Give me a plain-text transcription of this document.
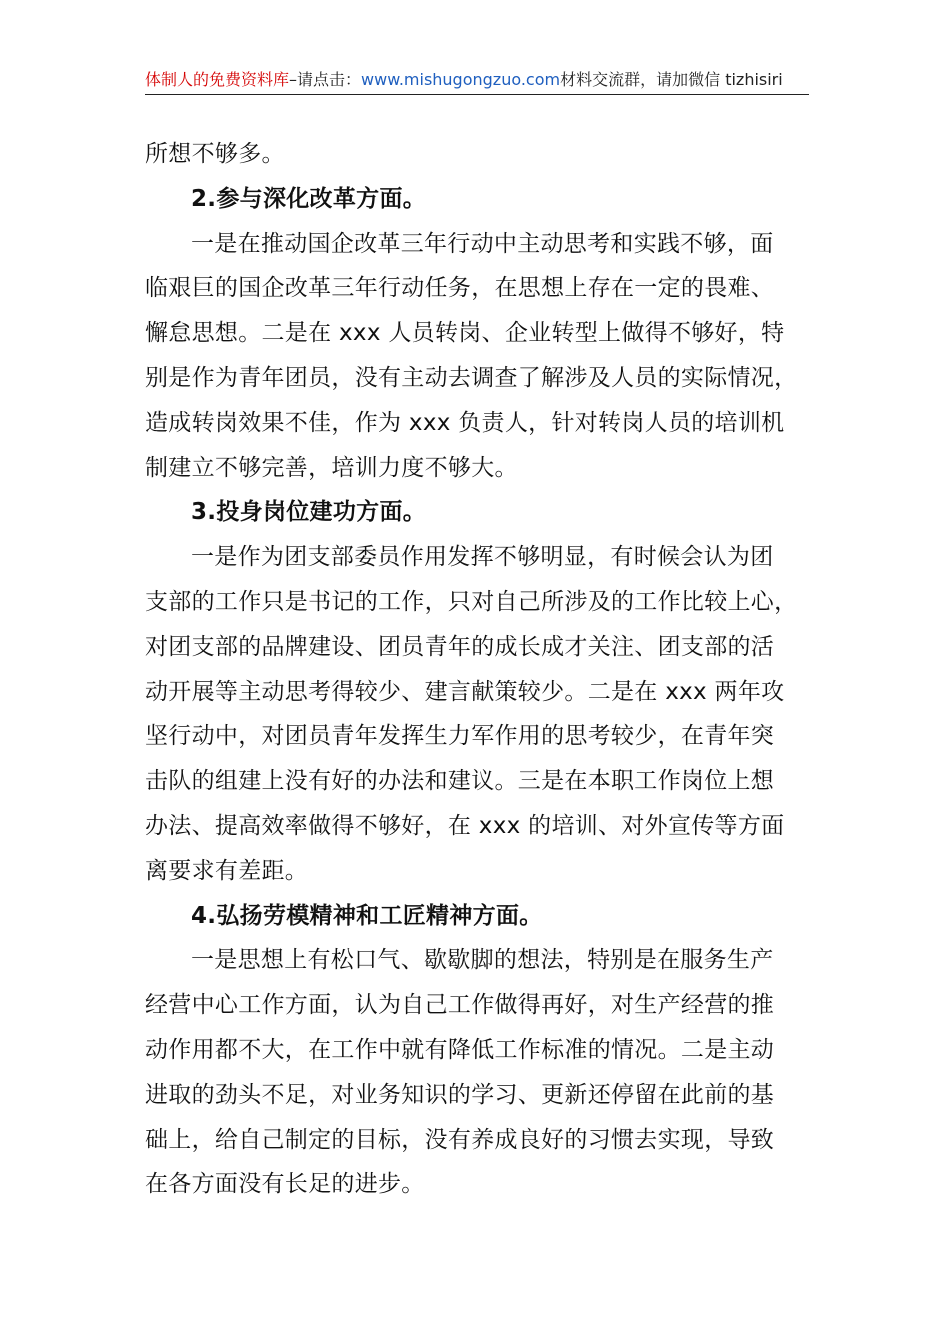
体制人的免费资料库–请点击：www.mishugongzuo.com材料交流群，请加微信 tizhisiri
所想不够多。
2.参与深化改革方面。
一是在推动国企改革三年行动中主动思考和实践不够，面
临艰巨的国企改革三年行动任务，在思想上存在一定的畏难、
懈怠思想。二是在 xxx 人员转岗、企业转型上做得不够好，特
别是作为青年团员，没有主动去调查了解涉及人员的实际情况，
造成转岗效果不佳，作为 xxx 负责人，针对转岗人员的培训机
制建立不够完善，培训力度不够大。
3.投身岗位建功方面。
一是作为团支部委员作用发挥不够明显，有时候会认为团
支部的工作只是书记的工作，只对自己所涉及的工作比较上心，
对团支部的品牌建设、团员青年的成长成才关注、团支部的活
动开展等主动思考得较少、建言献策较少。二是在 xxx 两年攻
坚行动中，对团员青年发挥生力军作用的思考较少，在青年突
击队的组建上没有好的办法和建议。三是在本职工作岗位上想
办法、提高效率做得不够好，在 xxx 的培训、对外宣传等方面
离要求有差距。
4.弘扬劳模精神和工匠精神方面。
一是思想上有松口气、歇歇脚的想法，特别是在服务生产
经营中心工作方面，认为自己工作做得再好，对生产经营的推
动作用都不大，在工作中就有降低工作标准的情况。二是主动
进取的劲头不足，对业务知识的学习、更新还停留在此前的基
础上，给自己制定的目标，没有养成良好的习惯去实现，导致
在各方面没有长足的进步。
